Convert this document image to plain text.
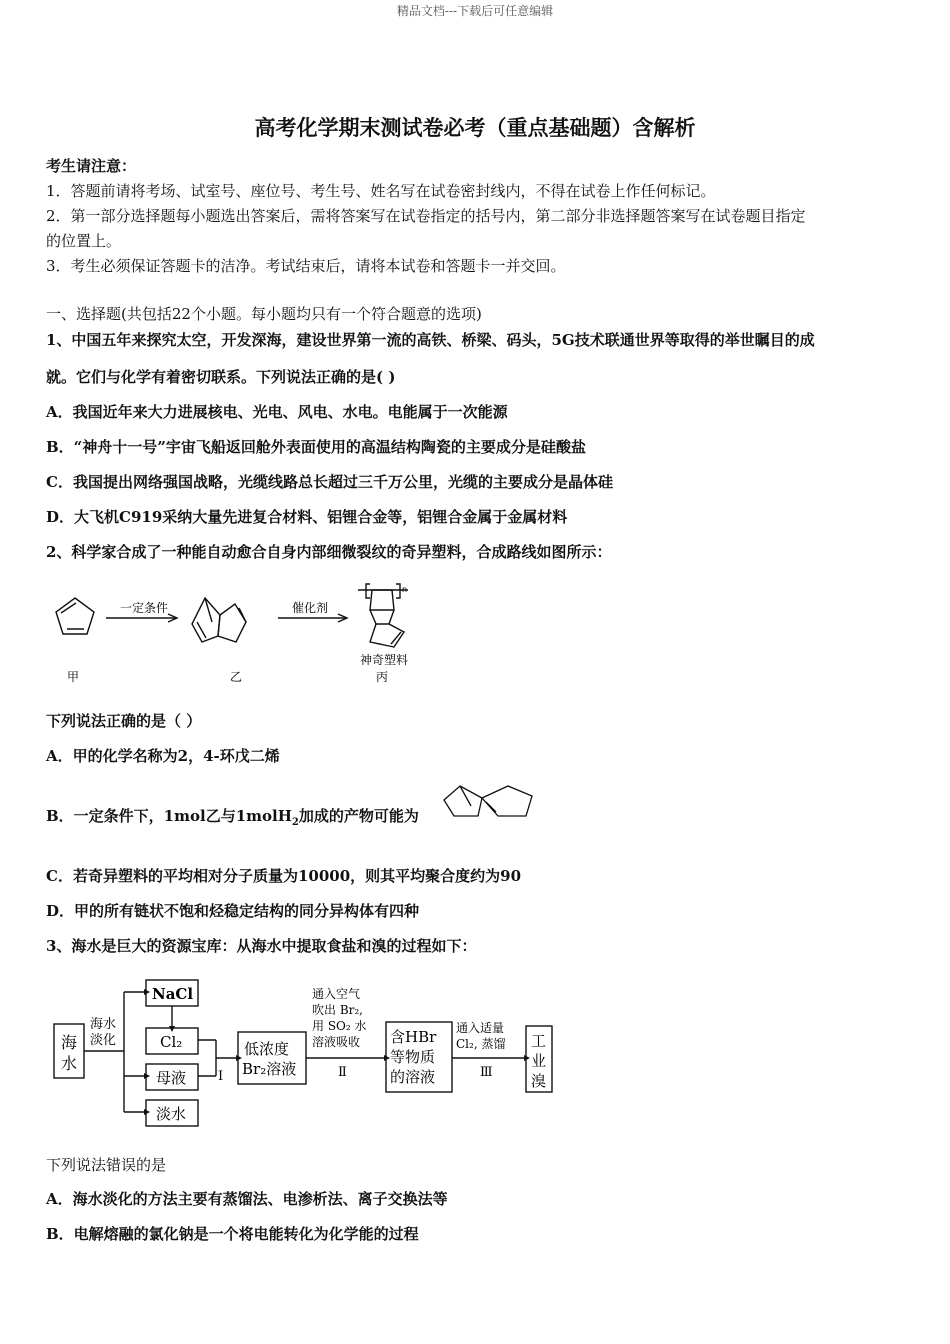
精品文档---下载后可任意编辑
高考化学期末测试卷必考（重点基础题）含解析
考生请注意：
1．答题前请将考场、试室号、座位号、考生号、姓名写在试卷密封线内，不得在试卷上作任何标记。
2．第一部分选择题每小题选出答案后，需将答案写在试卷指定的括号内，第二部分非选择题答案写在试卷题目指定
的位置上。
3．考生必须保证答题卡的洁净。考试结束后，请将本试卷和答题卡一并交回。
一、选择题(共包括22个小题。每小题均只有一个符合题意的选项)
1、中国五年来探究太空，开发深海，建设世界第一流的高铁、桥梁、码头，5G技术联通世界等取得的举世瞩目的成
就。它们与化学有着密切联系。下列说法正确的是( )
A．我国近年来大力进展核电、光电、风电、水电。电能属于一次能源
B．“神舟十一号”宇宙飞船返回舱外表面使用的高温结构陶瓷的主要成分是硅酸盐
C．我国提出网络强国战略，光缆线路总长超过三千万公里，光缆的主要成分是晶体硅
D．大飞机C919采纳大量先进复合材料、铝锂合金等，铝锂合金属于金属材料
2、科学家合成了一种能自动愈合自身内部细微裂纹的奇异塑料，合成路线如图所示：
一定条件	催化剂
n
甲	乙
神奇塑料
丙
下列说法正确的是（ ）
A．甲的化学名称为2，4-环戊二烯
B．一定条件下，1mol乙与1molH$_2$加成的产物可能为
C．若奇异塑料的平均相对分子质量为10000，则其平均聚合度约为90
D．甲的所有链状不饱和烃稳定结构的同分异构体有四种
3、海水是巨大的资源宝库：从海水中提取食盐和溴的过程如下：
海
水
海水
淡化
NaCl
Cl₂
母液
淡水
Ⅰ
低浓度
Br₂溶液
通入空气
吹出 Br₂,
用 SO₂ 水
溶液吸收
Ⅱ
含HBr
等物质
的溶液
通入适量
Cl₂, 蒸馏
Ⅲ
工
业
溴
下列说法错误的是
A．海水淡化的方法主要有蒸馏法、电渗析法、离子交换法等
B．电解熔融的氯化钠是一个将电能转化为化学能的过程
